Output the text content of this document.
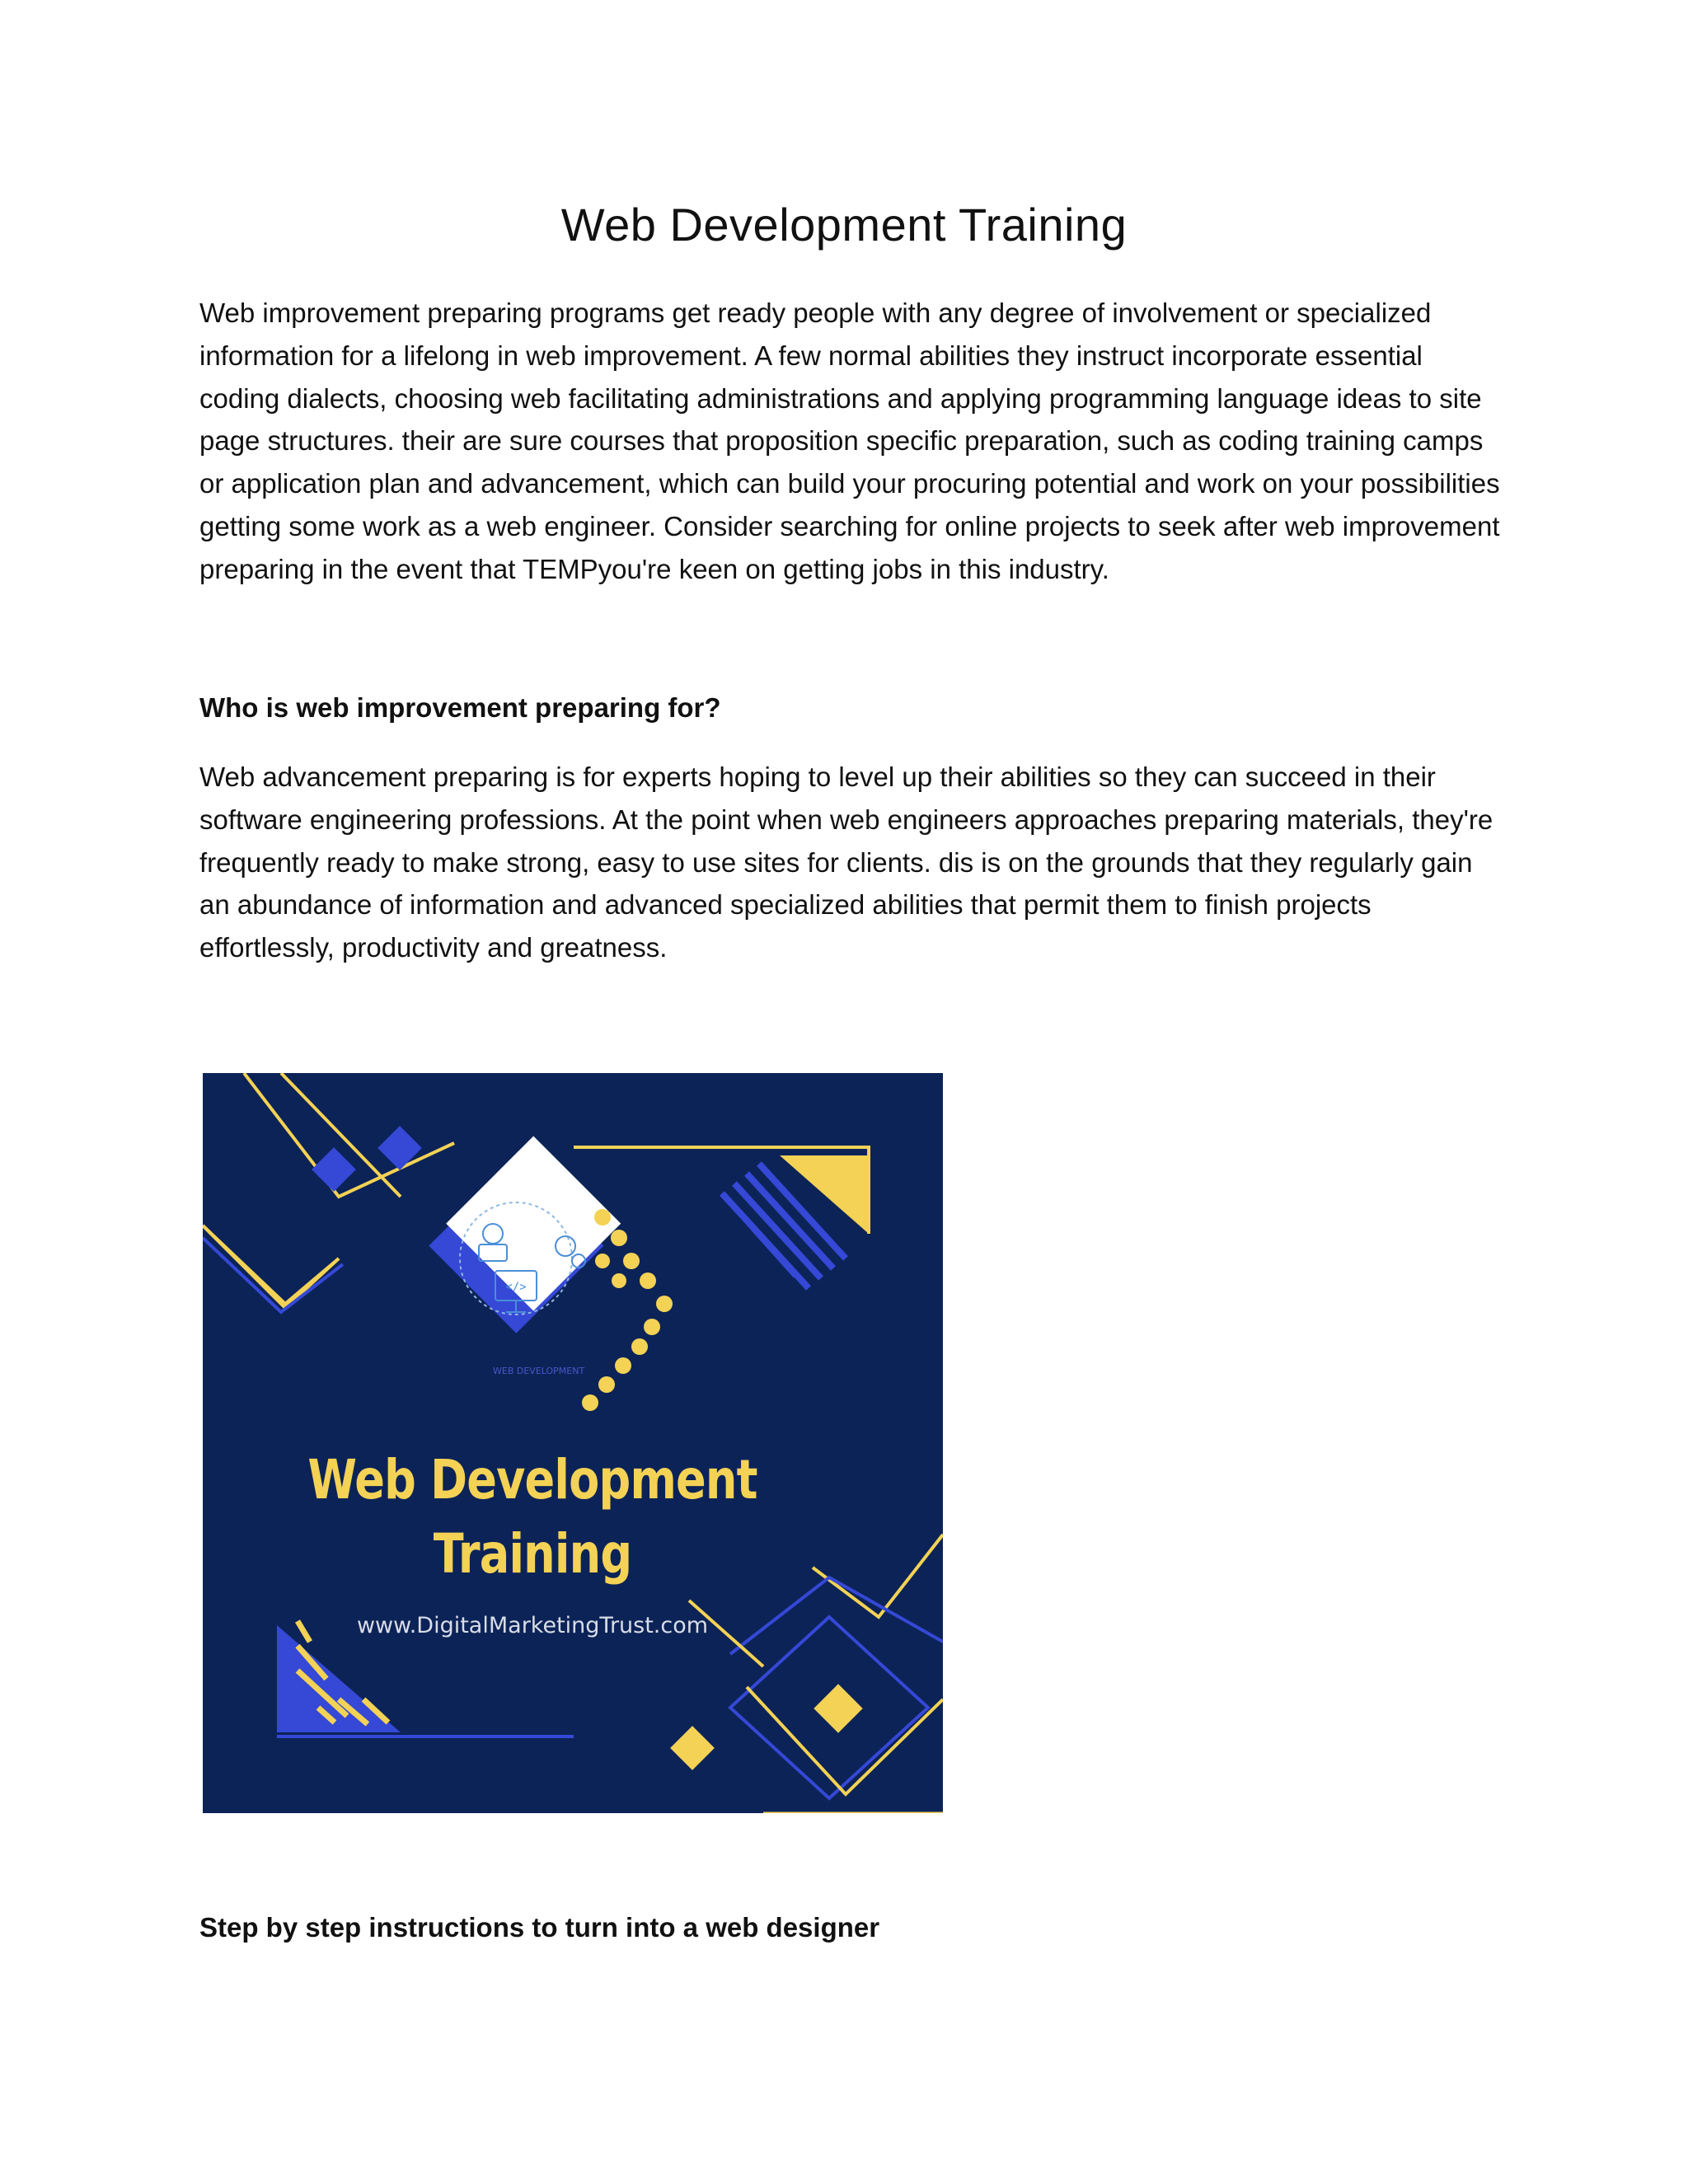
Web Development Training

Web improvement preparing programs get ready people with any degree of involvement or specialized information for a lifelong in web improvement. A few normal abilities they instruct incorporate essential coding dialects, choosing web facilitating administrations and applying programming language ideas to site page structures. their are sure courses that proposition specific preparation, such as coding training camps or application plan and advancement, which can build your procuring potential and work on your possibilities getting some work as a web engineer. Consider searching for online projects to seek after web improvement preparing in the event that TEMPyou're keen on getting jobs in this industry.

Who is web improvement preparing for?

Web advancement preparing is for experts hoping to level up their abilities so they can succeed in their software engineering professions. At the point when web engineers approaches preparing materials, they're frequently ready to make strong, easy to use sites for clients. dis is on the grounds that they regularly gain an abundance of information and advanced specialized abilities that permit them to finish projects effortlessly, productivity and greatness.

</>

WEB DEVELOPMENT

Web Development

Training

www.DigitalMarketingTrust.com

Step by step instructions to turn into a web designer
